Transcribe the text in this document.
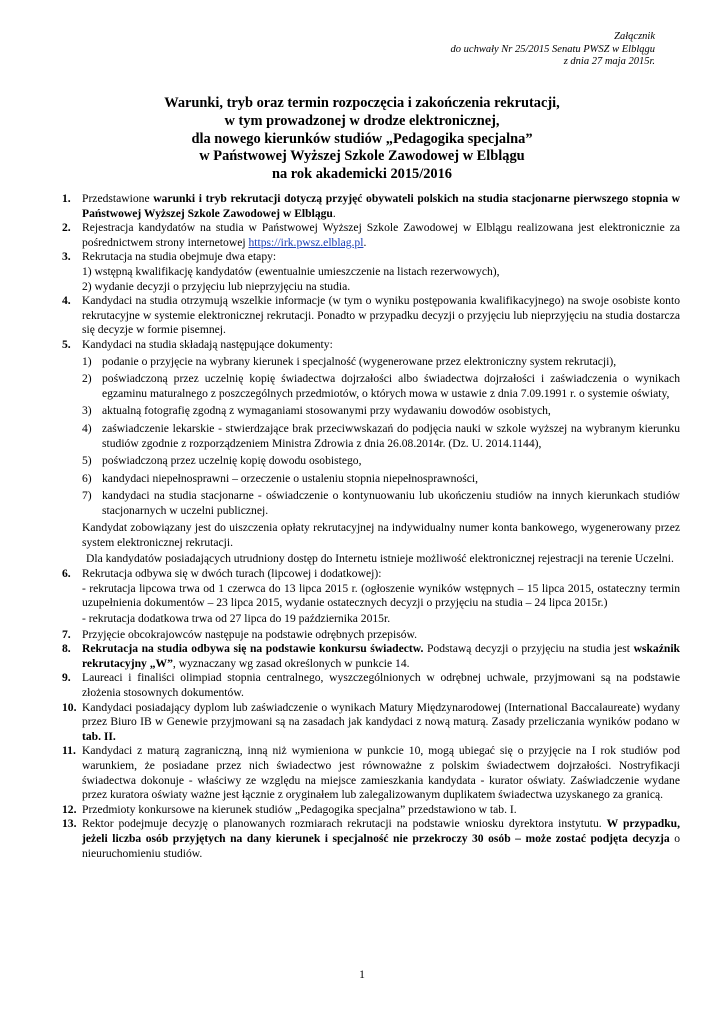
Załącznik
do uchwały Nr 25/2015 Senatu PWSZ w Elblągu
z dnia 27 maja 2015r.
Warunki, tryb oraz termin rozpoczęcia i zakończenia rekrutacji,
w tym prowadzonej w drodze elektronicznej,
dla nowego kierunków studiów „Pedagogika specjalna”
w Państwowej Wyższej Szkole Zawodowej w Elblągu
na rok akademicki 2015/2016
1. Przedstawione warunki i tryb rekrutacji dotyczą przyjęć obywateli polskich na studia stacjonarne pierwszego stopnia w Państwowej Wyższej Szkole Zawodowej w Elblągu.
2. Rejestracja kandydatów na studia w Państwowej Wyższej Szkole Zawodowej w Elblągu realizowana jest elektronicznie za pośrednictwem strony internetowej https://irk.pwsz.elblag.pl.
3. Rekrutacja na studia obejmuje dwa etapy:
1) wstępną kwalifikację kandydatów (ewentualnie umieszczenie na listach rezerwowych),
2) wydanie decyzji o przyjęciu lub nieprzyjęciu na studia.
4. Kandydaci na studia otrzymują wszelkie informacje (w tym o wyniku postępowania kwalifikacyjnego) na swoje osobiste konto rekrutacyjne w systemie elektronicznej rekrutacji. Ponadto w przypadku decyzji o przyjęciu lub nieprzyjęciu na studia dostarcza się decyzje w formie pisemnej.
5. Kandydaci na studia składają następujące dokumenty:
1) podanie o przyjęcie na wybrany kierunek i specjalność (wygenerowane przez elektroniczny system rekrutacji),
2) poświadczoną przez uczelnię kopię świadectwa dojrzałości albo świadectwa dojrzałości i zaświadczenia o wynikach egzaminu maturalnego z poszczególnych przedmiotów, o których mowa w ustawie z dnia 7.09.1991 r. o systemie oświaty,
3) aktualną fotografię zgodną z wymaganiami stosowanymi przy wydawaniu dowodów osobistych,
4) zaświadczenie lekarskie - stwierdzające brak przeciwwskazań do podjęcia nauki w szkole wyższej na wybranym kierunku studiów zgodnie z rozporządzeniem Ministra Zdrowia z dnia 26.08.2014r. (Dz. U. 2014.1144),
5) poświadczoną przez uczelnię kopię dowodu osobistego,
6) kandydaci niepełnosprawni – orzeczenie o ustaleniu stopnia niepełnosprawności,
7) kandydaci na studia stacjonarne - oświadczenie o kontynuowaniu lub ukończeniu studiów na innych kierunkach studiów stacjonarnych w uczelni publicznej.
Kandydat zobowiązany jest do uiszczenia opłaty rekrutacyjnej na indywidualny numer konta bankowego, wygenerowany przez system elektronicznej rekrutacji.
Dla kandydatów posiadających utrudniony dostęp do Internetu istnieje możliwość elektronicznej rejestracji na terenie Uczelni.
6. Rekrutacja odbywa się w dwóch turach (lipcowej i dodatkowej):
- rekrutacja lipcowa trwa od 1 czerwca do 13 lipca 2015 r. (ogłoszenie wyników wstępnych – 15 lipca 2015, ostateczny termin uzupełnienia dokumentów – 23 lipca 2015, wydanie ostatecznych decyzji o przyjęciu na studia – 24 lipca 2015r.)
- rekrutacja dodatkowa trwa od 27 lipca do 19 października 2015r.
7. Przyjęcie obcokrajowców następuje na podstawie odrębnych przepisów.
8. Rekrutacja na studia odbywa się na podstawie konkursu świadectw. Podstawą decyzji o przyjęciu na studia jest wskaźnik rekrutacyjny „W”, wyznaczany wg zasad określonych w punkcie 14.
9. Laureaci i finaliści olimpiad stopnia centralnego, wyszczególnionych w odrębnej uchwale, przyjmowani są na podstawie złożenia stosownych dokumentów.
10. Kandydaci posiadający dyplom lub zaświadczenie o wynikach Matury Międzynarodowej (International Baccalaureate) wydany przez Biuro IB w Genewie przyjmowani są na zasadach jak kandydaci z nową maturą. Zasady przeliczania wyników podano w tab. II.
11. Kandydaci z maturą zagraniczną, inną niż wymieniona w punkcie 10, mogą ubiegać się o przyjęcie na I rok studiów pod warunkiem, że posiadane przez nich świadectwo jest równoważne z polskim świadectwem dojrzałości. Nostryfikacji świadectwa dokonuje - właściwy ze względu na miejsce zamieszkania kandydata - kurator oświaty. Zaświadczenie wydane przez kuratora oświaty ważne jest łącznie z oryginałem lub zalegalizowanym duplikatem świadectwa uzyskanego za granicą.
12. Przedmioty konkursowe na kierunek studiów „Pedagogika specjalna” przedstawiono w tab. I.
13. Rektor podejmuje decyzję o planowanych rozmiarach rekrutacji na podstawie wniosku dyrektora instytutu. W przypadku, jeżeli liczba osób przyjętych na dany kierunek i specjalność nie przekroczy 30 osób – może zostać podjęta decyzja o nieuruchomieniu studiów.
1
